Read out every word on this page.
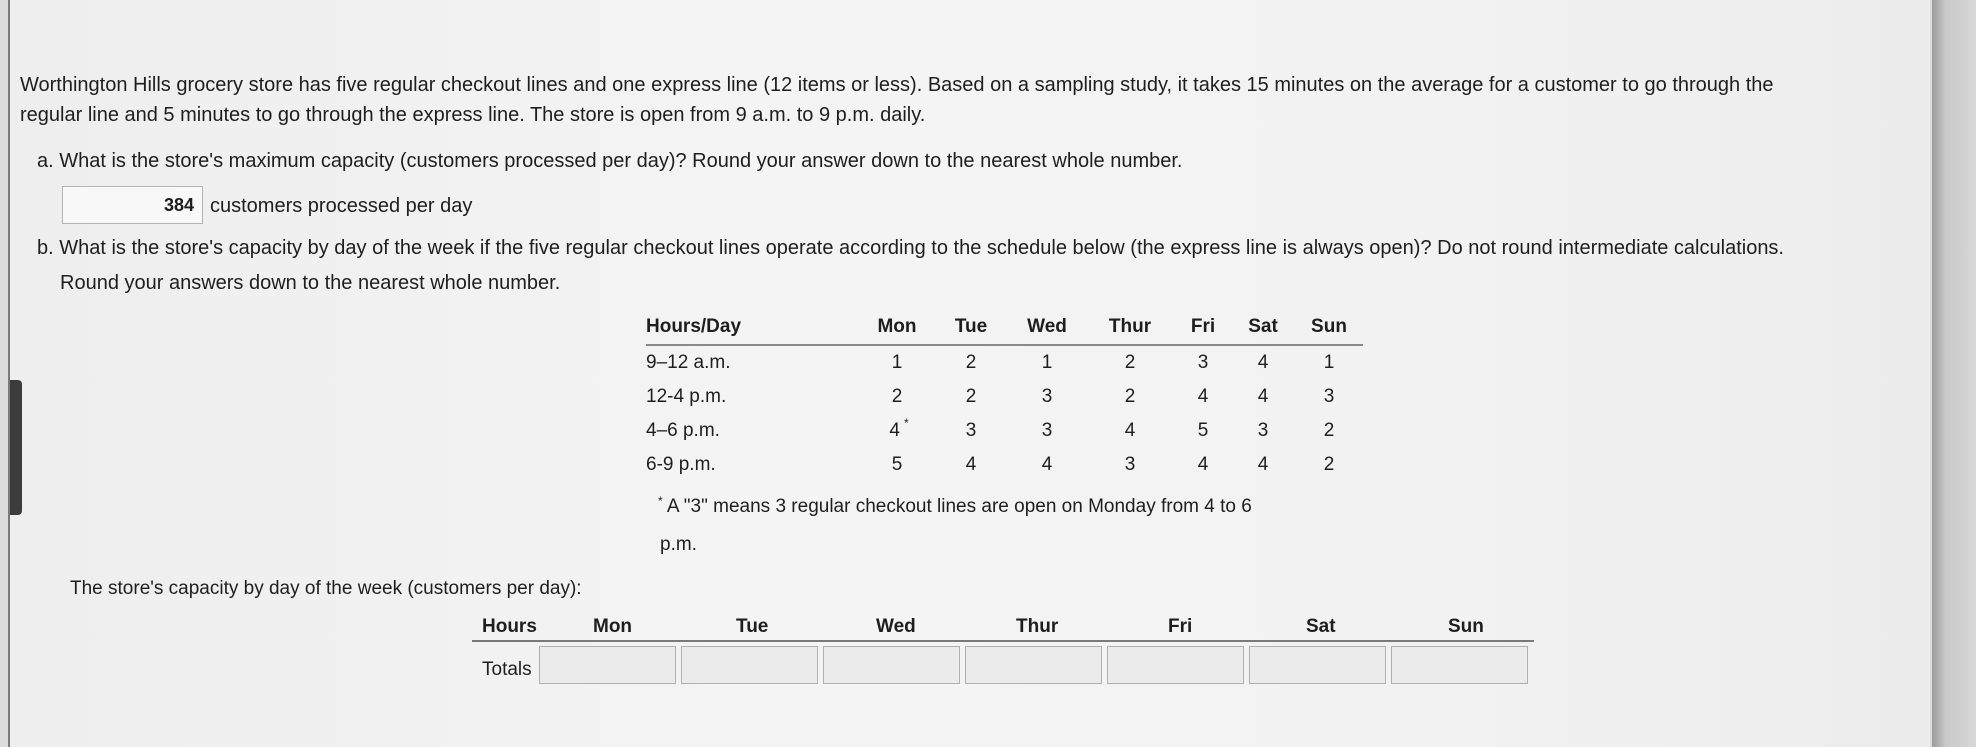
Worthington Hills grocery store has five regular checkout lines and one express line (12 items or less). Based on a sampling study, it takes 15 minutes on the average for a customer to go through the
regular line and 5 minutes to go through the express line. The store is open from 9 a.m. to 9 p.m. daily.
a. What is the store's maximum capacity (customers processed per day)? Round your answer down to the nearest whole number.
384 customers processed per day
b. What is the store's capacity by day of the week if the five regular checkout lines operate according to the schedule below (the express line is always open)? Do not round intermediate calculations.
Round your answers down to the nearest whole number.
Hours/Day	Mon	Tue	Wed	Thur	Fri	Sat	Sun
9–12 a.m.	1	2	1	2	3	4	1
12-4 p.m.	2	2	3	2	4	4	3
4–6 p.m.	4 *	3	3	4	5	3	2
6-9 p.m.	5	4	4	3	4	4	2
* A "3" means 3 regular checkout lines are open on Monday from 4 to 6
p.m.
The store's capacity by day of the week (customers per day):
Hours	Mon	Tue	Wed	Thur	Fri	Sat	Sun
Totals
